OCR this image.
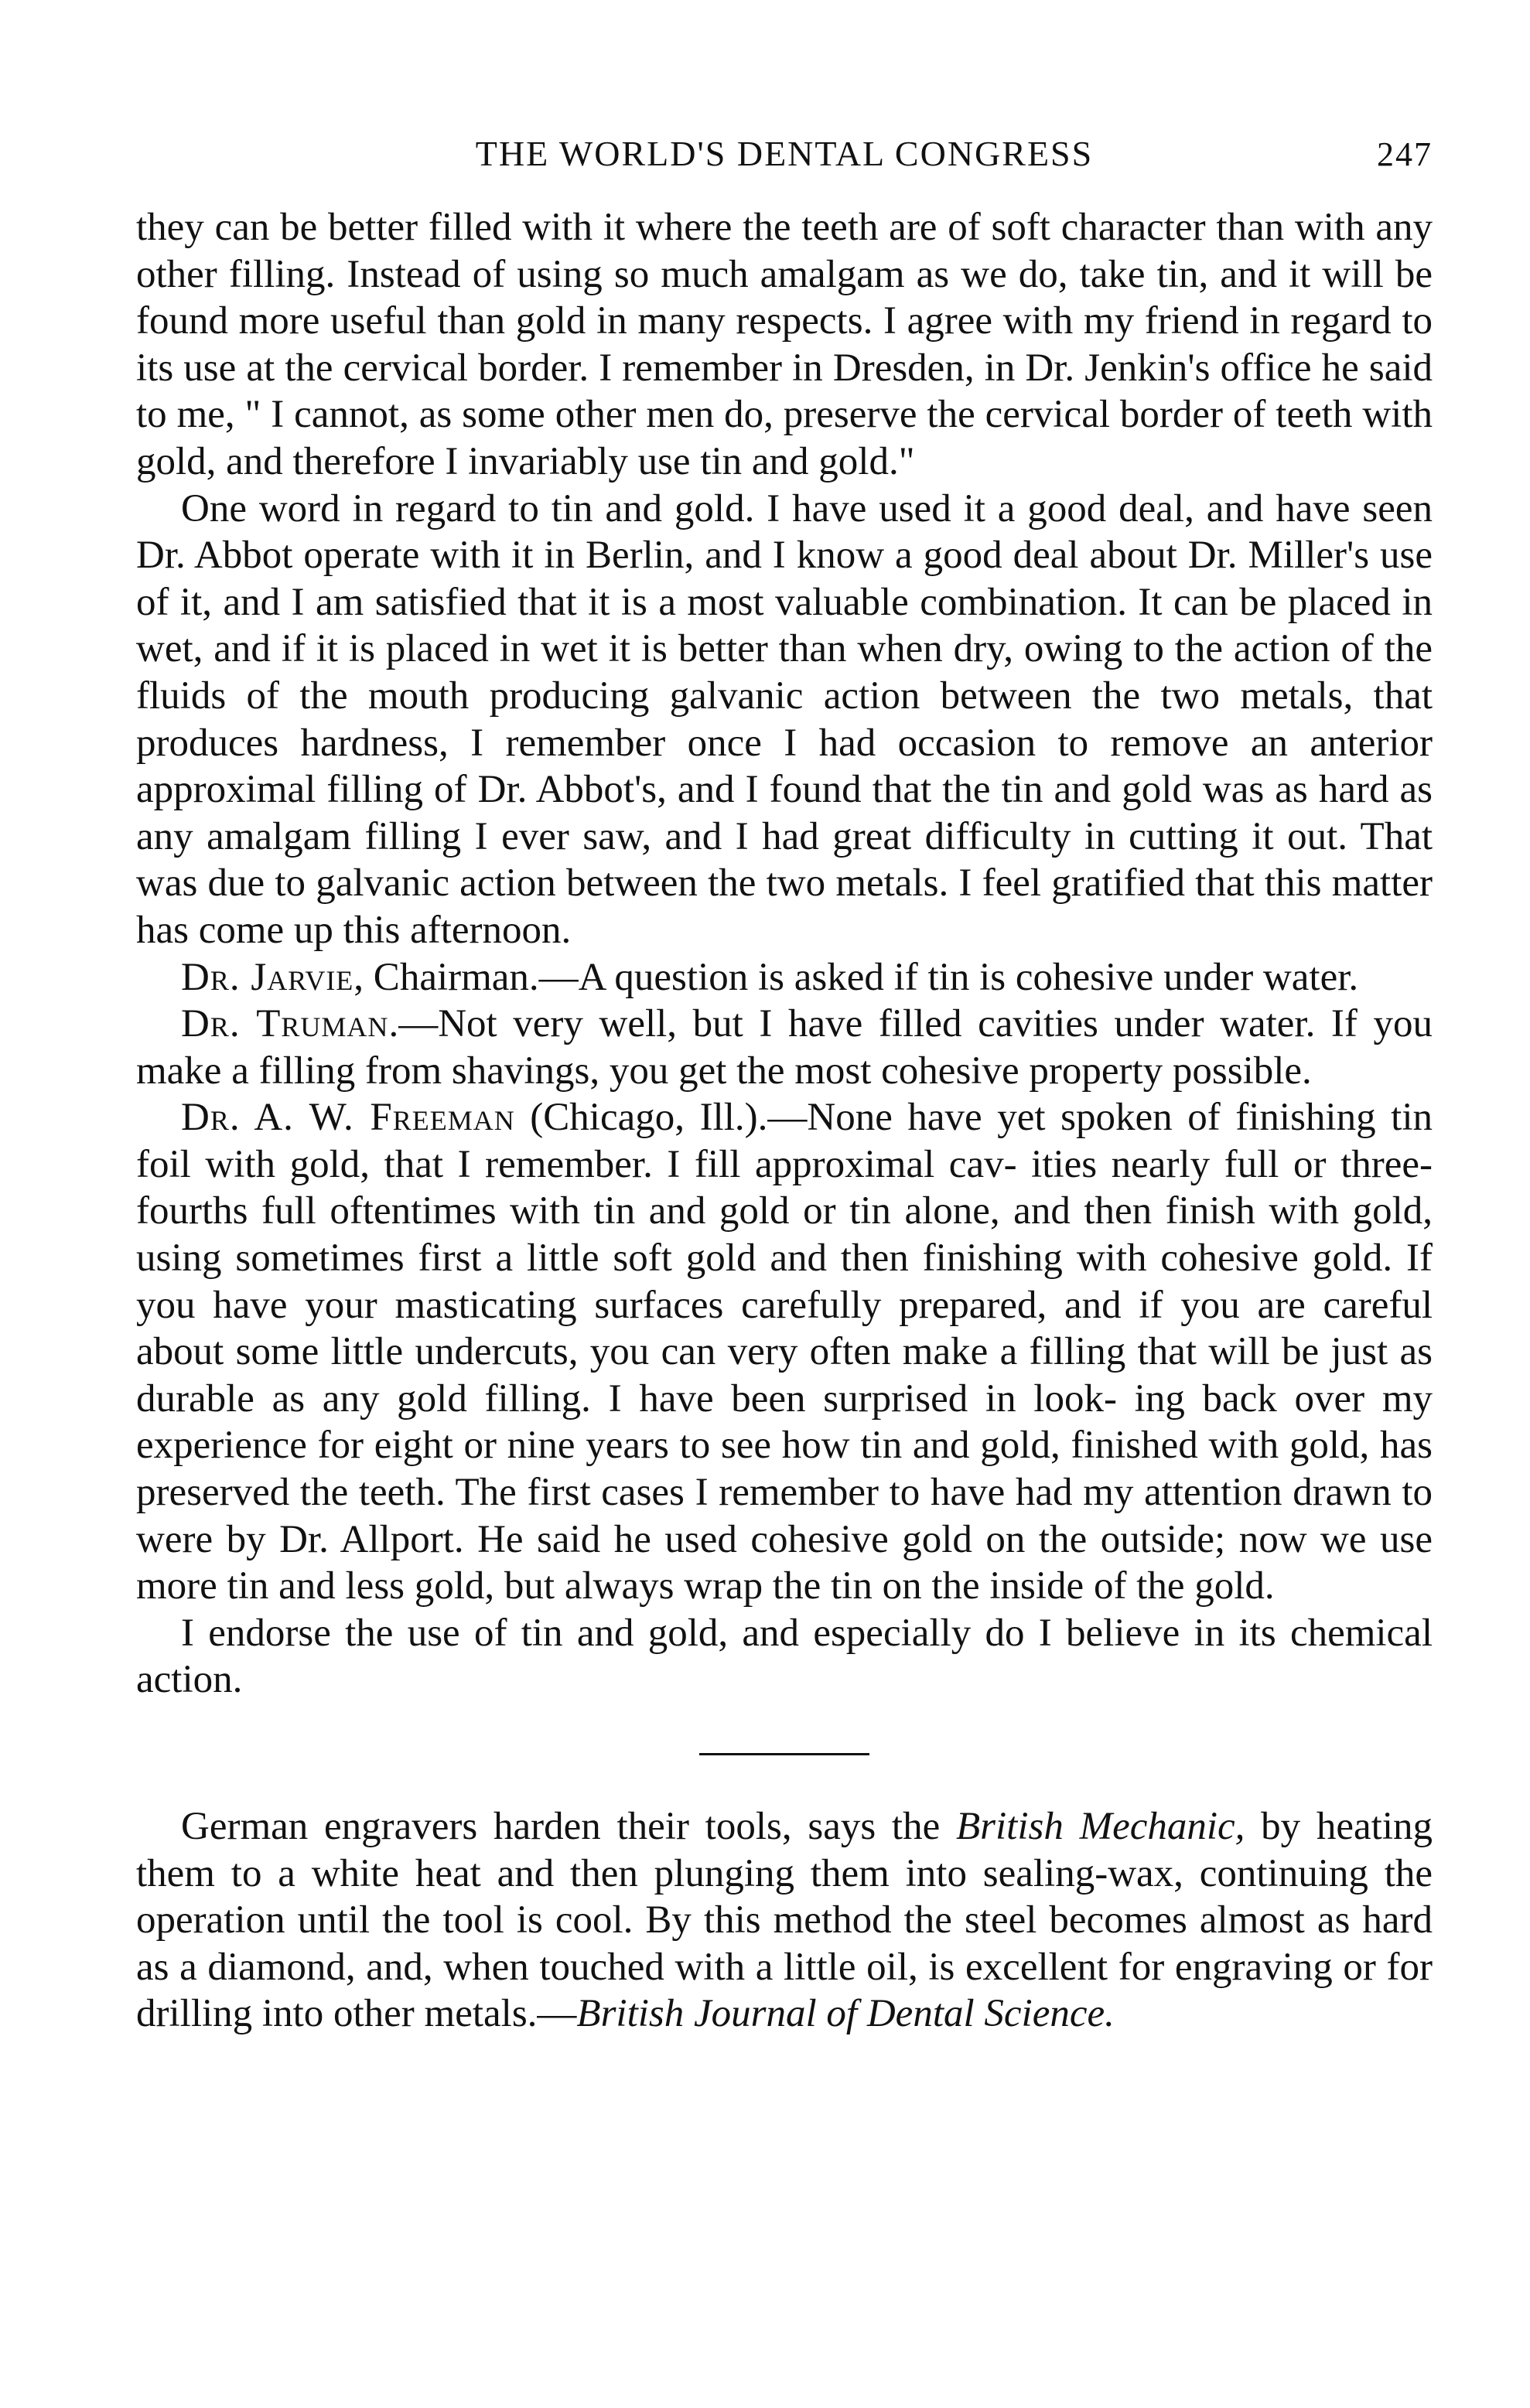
THE WORLD'S DENTAL CONGRESS	247

they can be better filled with it where the teeth are of soft character than with any other filling. Instead of using so much amalgam as we do, take tin, and it will be found more useful than gold in many respects. I agree with my friend in regard to its use at the cervical border. I remember in Dresden, in Dr. Jenkin's office he said to me, " I cannot, as some other men do, preserve the cervical border of teeth with gold, and therefore I invariably use tin and gold."

One word in regard to tin and gold. I have used it a good deal, and have seen Dr. Abbot operate with it in Berlin, and I know a good deal about Dr. Miller's use of it, and I am satisfied that it is a most valuable combination. It can be placed in wet, and if it is placed in wet it is better than when dry, owing to the action of the fluids of the mouth producing galvanic action between the two metals, that produces hardness, I remember once I had occasion to remove an anterior approximal filling of Dr. Abbot's, and I found that the tin and gold was as hard as any amalgam filling I ever saw, and I had great difficulty in cutting it out. That was due to galvanic action between the two metals. I feel gratified that this matter has come up this afternoon.

Dr. Jarvie, Chairman.—A question is asked if tin is cohesive under water.

Dr. Truman.—Not very well, but I have filled cavities under water. If you make a filling from shavings, you get the most cohesive property possible.

Dr. A. W. Freeman (Chicago, Ill.).—None have yet spoken of finishing tin foil with gold, that I remember. I fill approximal cav- ities nearly full or three-fourths full oftentimes with tin and gold or tin alone, and then finish with gold, using sometimes first a little soft gold and then finishing with cohesive gold. If you have your masticating surfaces carefully prepared, and if you are careful about some little undercuts, you can very often make a filling that will be just as durable as any gold filling. I have been surprised in look- ing back over my experience for eight or nine years to see how tin and gold, finished with gold, has preserved the teeth. The first cases I remember to have had my attention drawn to were by Dr. Allport. He said he used cohesive gold on the outside; now we use more tin and less gold, but always wrap the tin on the inside of the gold.

I endorse the use of tin and gold, and especially do I believe in its chemical action.

German engravers harden their tools, says the British Mechanic, by heating them to a white heat and then plunging them into sealing-wax, continuing the operation until the tool is cool. By this method the steel becomes almost as hard as a diamond, and, when touched with a little oil, is excellent for engraving or for drilling into other metals.—British Journal of Dental Science.
